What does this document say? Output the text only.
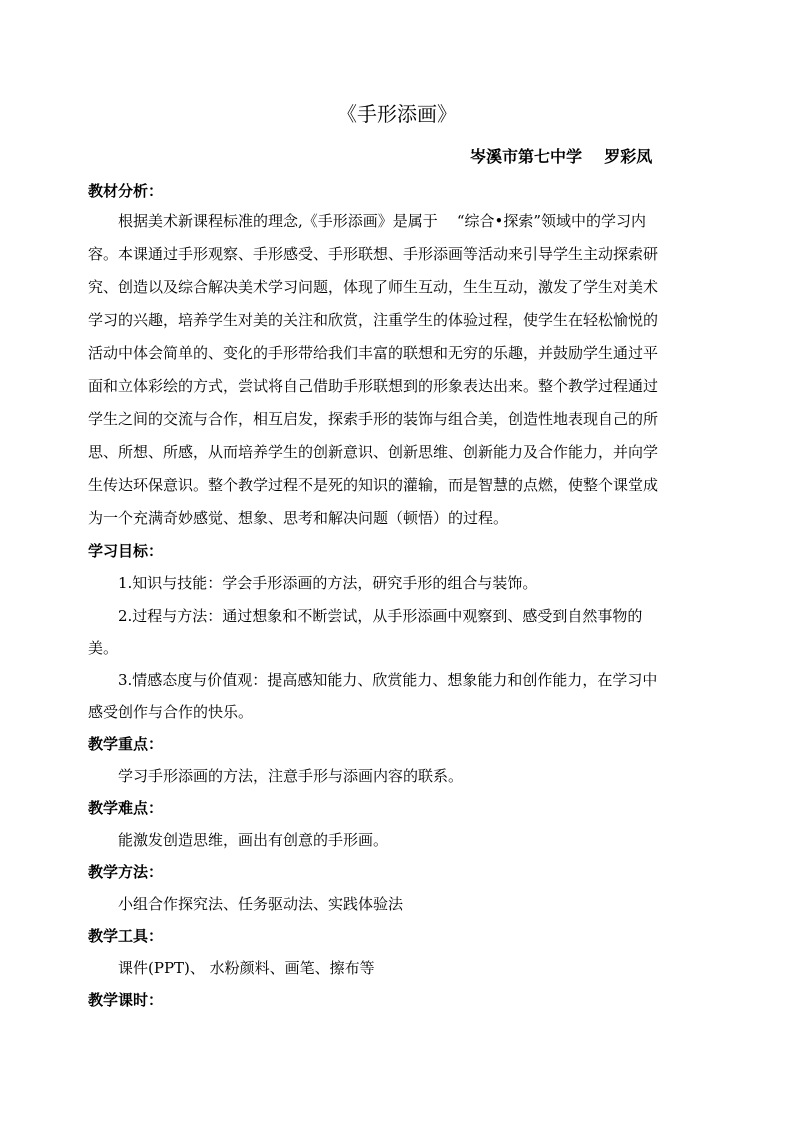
《手形添画》
岑溪市第七中学    罗彩凤
教材分析：
根据美术新课程标准的理念,《手形添画》是属于    “综合•探索”领域中的学习内
容。本课通过手形观察、手形感受、手形联想、手形添画等活动来引导学生主动探索研
究、创造以及综合解决美术学习问题，体现了师生互动，生生互动，激发了学生对美术
学习的兴趣，培养学生对美的关注和欣赏，注重学生的体验过程，使学生在轻松愉悦的
活动中体会简单的、变化的手形带给我们丰富的联想和无穷的乐趣，并鼓励学生通过平
面和立体彩绘的方式，尝试将自己借助手形联想到的形象表达出来。整个教学过程通过
学生之间的交流与合作，相互启发，探索手形的装饰与组合美，创造性地表现自己的所
思、所想、所感，从而培养学生的创新意识、创新思维、创新能力及合作能力，并向学
生传达环保意识。整个教学过程不是死的知识的灌输，而是智慧的点燃，使整个课堂成
为一个充满奇妙感觉、想象、思考和解决问题（顿悟）的过程。
学习目标：
1.知识与技能：学会手形添画的方法，研究手形的组合与装饰。
2.过程与方法：通过想象和不断尝试，从手形添画中观察到、感受到自然事物的
美。
3.情感态度与价值观：提高感知能力、欣赏能力、想象能力和创作能力，在学习中
感受创作与合作的快乐。
教学重点：
学习手形添画的方法，注意手形与添画内容的联系。
教学难点：
能激发创造思维，画出有创意的手形画。
教学方法：
小组合作探究法、任务驱动法、实践体验法
教学工具：
课件(PPT)、 水粉颜料、画笔、擦布等
教学课时：
